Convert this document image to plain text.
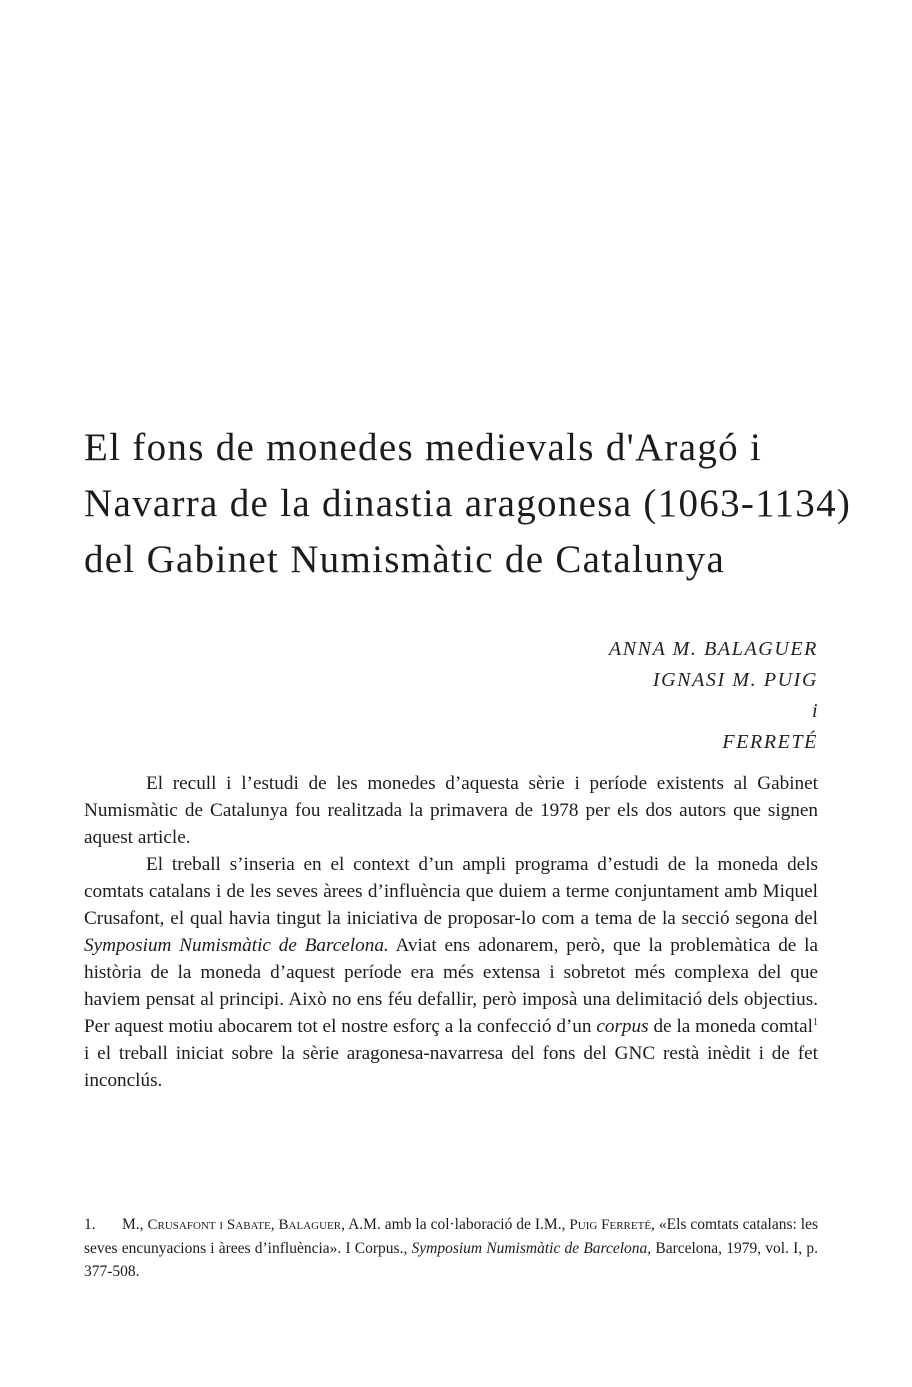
El fons de monedes medievals d'Aragó i
Navarra de la dinastia aragonesa (1063-1134)
del Gabinet Numismàtic de Catalunya
ANNA M. BALAGUER
IGNASI M. PUIG
i
FERRETÉ

El recull i l’estudi de les monedes d’aquesta sèrie i període existents al Gabinet Numismàtic de Catalunya fou realitzada la primavera de 1978 per els dos autors que signen aquest article.

El treball s’inseria en el context d’un ampli programa d’estudi de la moneda dels comtats catalans i de les seves àrees d’influència que duiem a terme conjuntament amb Miquel Crusafont, el qual havia tingut la iniciativa de proposar-lo com a tema de la secció segona del Symposium Numismàtic de Barcelona. Aviat ens adonarem, però, que la problemàtica de la història de la moneda d’aquest període era més extensa i sobretot més complexa del que haviem pensat al principi. Això no ens féu defallir, però imposà una delimitació dels objectius. Per aquest motiu abocarem tot el nostre esforç a la confecció d’un corpus de la moneda comtal$^1$ i el treball iniciat sobre la sèrie aragonesa-navarresa del fons del GNC restà inèdit i de fet inconclús.

1. M., Crusafont i Sabate, Balaguer, A.M. amb la col·laboració de I.M., Puig Ferreté, «Els comtats catalans: les seves encunyacions i àrees d’influència». I Corpus., Symposium Numismàtic de Barcelona, Barcelona, 1979, vol. I, p. 377-508.
